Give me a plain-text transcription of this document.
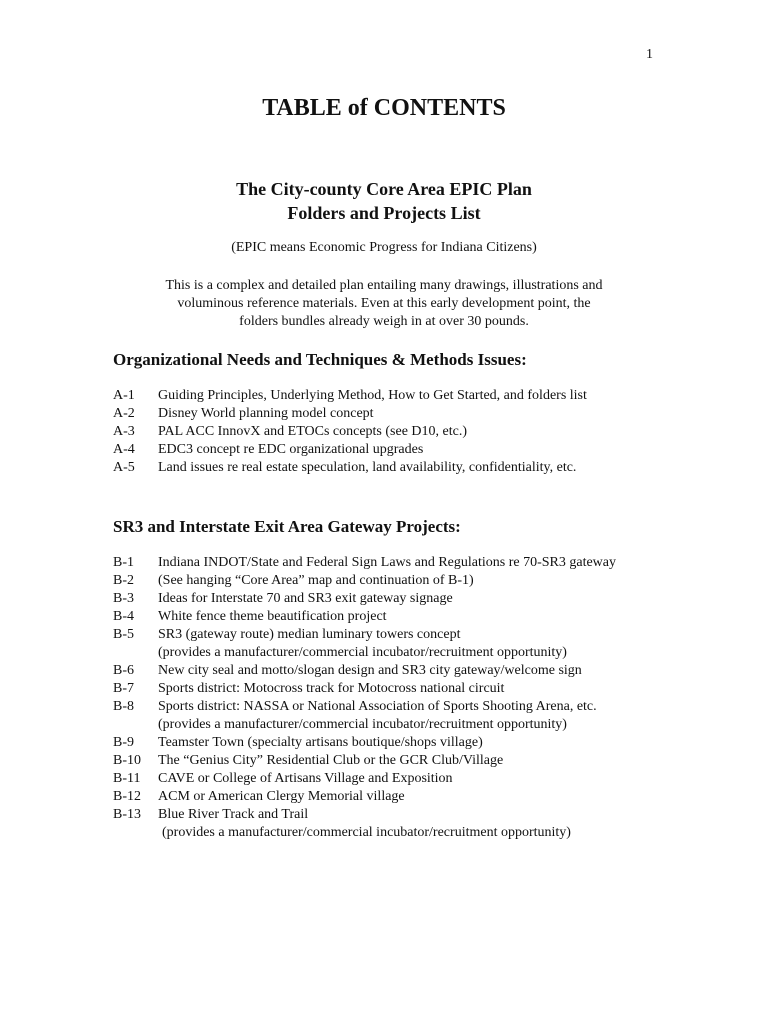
1
TABLE of CONTENTS
The City-county Core Area EPIC Plan
Folders and Projects List
(EPIC means Economic Progress for Indiana Citizens)
This is a complex and detailed plan entailing many drawings, illustrations and
voluminous reference materials. Even at this early development point, the
folders bundles already weigh in at over 30 pounds.
Organizational Needs and Techniques & Methods Issues:
A-1	Guiding Principles, Underlying Method, How to Get Started, and folders list
A-2	Disney World planning model concept
A-3	PAL ACC InnovX and ETOCs concepts (see D10, etc.)
A-4	EDC3 concept re EDC organizational upgrades
A-5	Land issues re real estate speculation, land availability, confidentiality, etc.
SR3 and Interstate Exit Area Gateway Projects:
B-1	Indiana INDOT/State and Federal Sign Laws and Regulations re 70-SR3 gateway
B-2	(See hanging “Core Area” map and continuation of B-1)
B-3	Ideas for Interstate 70 and SR3 exit gateway signage
B-4	White fence theme beautification project
B-5	SR3 (gateway route) median luminary towers concept
(provides a manufacturer/commercial incubator/recruitment opportunity)
B-6	New city seal and motto/slogan design and SR3 city gateway/welcome sign
B-7	Sports district: Motocross track for Motocross national circuit
B-8	Sports district: NASSA or National Association of Sports Shooting Arena, etc.
(provides a manufacturer/commercial incubator/recruitment opportunity)
B-9	Teamster Town (specialty artisans boutique/shops village)
B-10	The “Genius City” Residential Club or the GCR Club/Village
B-11	CAVE or College of Artisans Village and Exposition
B-12	ACM or American Clergy Memorial village
B-13	Blue River Track and Trail
(provides a manufacturer/commercial incubator/recruitment opportunity)
